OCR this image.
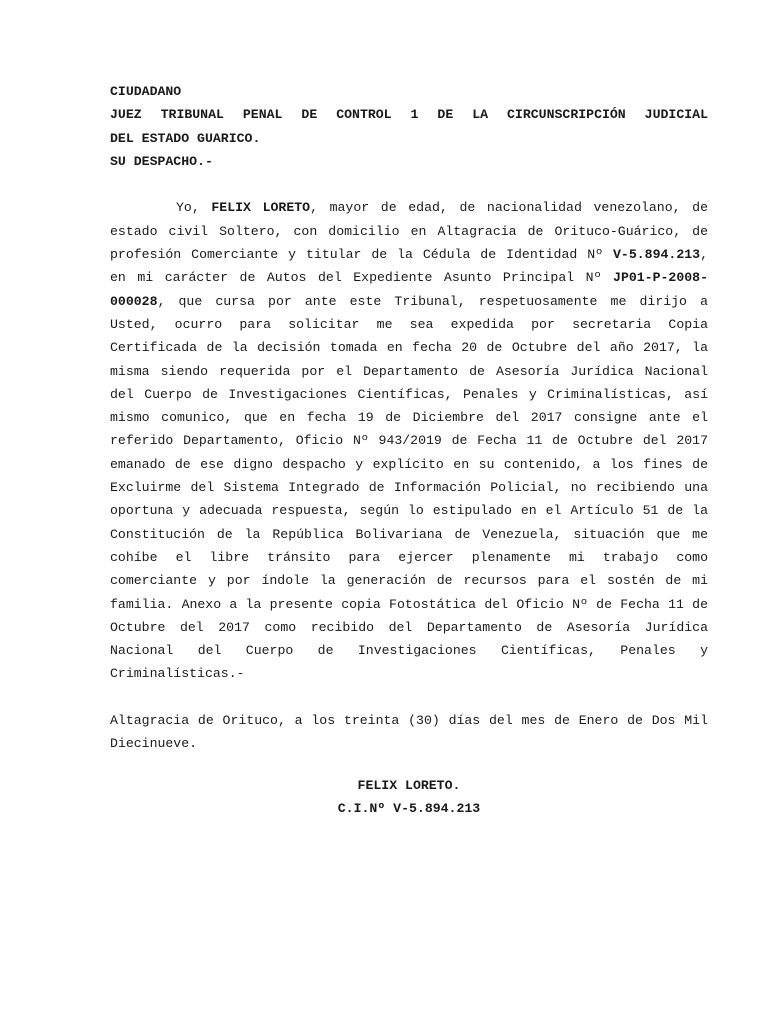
CIUDADANO
JUEZ TRIBUNAL PENAL DE CONTROL 1 DE LA CIRCUNSCRIPCIÓN JUDICIAL
DEL ESTADO GUARICO.
SU DESPACHO.-

Yo, FELIX LORETO, mayor de edad, de nacionalidad venezolano, de estado civil Soltero, con domicilio en Altagracia de Orituco-Guárico, de profesión Comerciante y titular de la Cédula de Identidad Nº V-5.894.213, en mi carácter de Autos del Expediente Asunto Principal Nº JP01-P-2008-000028, que cursa por ante este Tribunal, respetuosamente me dirijo a Usted, ocurro para solicitar me sea expedida por secretaria Copia Certificada de la decisión tomada en fecha 20 de Octubre del año 2017, la misma siendo requerida por el Departamento de Asesoría Jurídica Nacional del Cuerpo de Investigaciones Científicas, Penales y Criminalísticas, así mismo comunico, que en fecha 19 de Diciembre del 2017 consigne ante el referido Departamento, Oficio Nº 943/2019 de Fecha 11 de Octubre del 2017 emanado de ese digno despacho y explícito en su contenido, a los fines de Excluirme del Sistema Integrado de Información Policial, no recibiendo una oportuna y adecuada respuesta, según lo estipulado en el Artículo 51 de la Constitución de la República Bolivariana de Venezuela, situación que me cohíbe el libre tránsito para ejercer plenamente mi trabajo como comerciante y por índole la generación de recursos para el sostén de mi familia. Anexo a la presente copia Fotostática del Oficio Nº de Fecha 11 de Octubre del 2017 como recibido del Departamento de Asesoría Jurídica Nacional del Cuerpo de Investigaciones Científicas, Penales y Criminalísticas.-

Altagracia de Orituco, a los treinta (30) días del mes de Enero de Dos Mil Diecinueve.

FELIX LORETO.
C.I.Nº V-5.894.213
